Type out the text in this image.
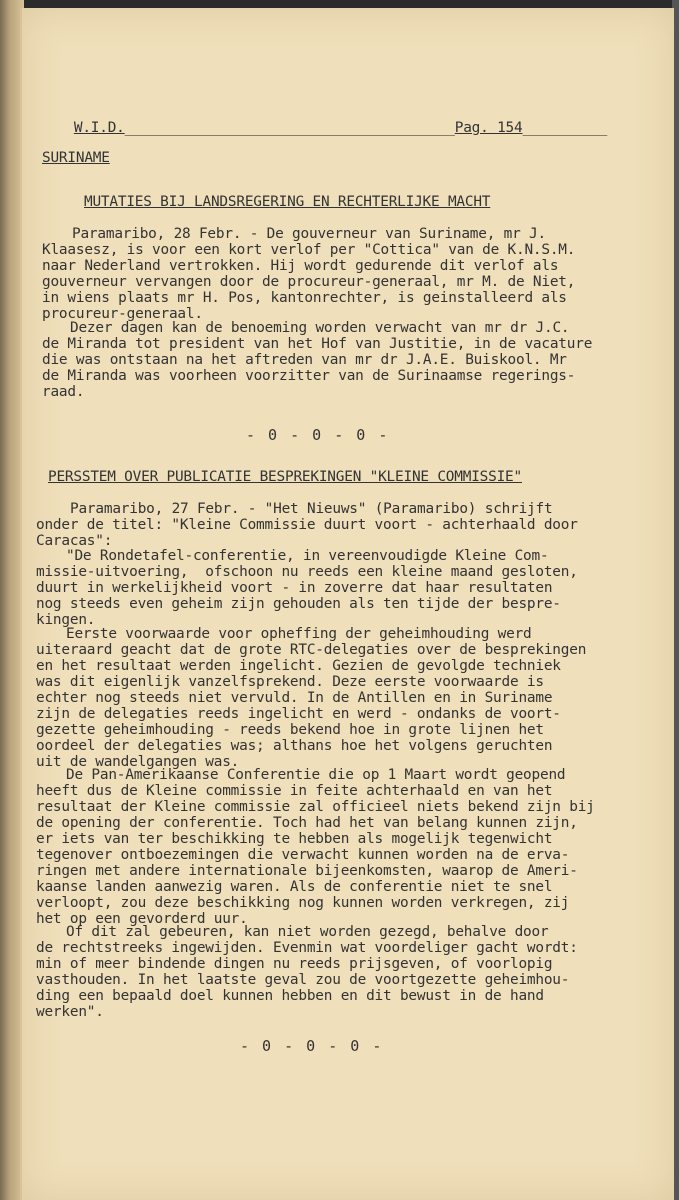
W.I.D._______________________________________Pag. 154__________

SURINAME
MUTATIES BIJ LANDSREGERING EN RECHTERLIJKE MACHT
Paramaribo, 28 Febr. - De gouverneur van Suriname, mr J.
Klaasesz, is voor een kort verlof per "Cottica" van de K.N.S.M.
naar Nederland vertrokken. Hij wordt gedurende dit verlof als
gouverneur vervangen door de procureur-generaal, mr M. de Niet,
in wiens plaats mr H. Pos, kantonrechter, is geinstalleerd als
procureur-generaal.
Dezer dagen kan de benoeming worden verwacht van mr dr J.C.
de Miranda tot president van het Hof van Justitie, in de vacature
die was ontstaan na het aftreden van mr dr J.A.E. Buiskool. Mr
de Miranda was voorheen voorzitter van de Surinaamse regerings-
raad.
- 0 - 0 - 0 -
PERSSTEM OVER PUBLICATIE BESPREKINGEN "KLEINE COMMISSIE"
Paramaribo, 27 Febr. - "Het Nieuws" (Paramaribo) schrijft
onder de titel: "Kleine Commissie duurt voort - achterhaald door
Caracas":
"De Rondetafel-conferentie, in vereenvoudigde Kleine Com-
missie-uitvoering,  ofschoon nu reeds een kleine maand gesloten,
duurt in werkelijkheid voort - in zoverre dat haar resultaten
nog steeds even geheim zijn gehouden als ten tijde der bespre-
kingen.
Eerste voorwaarde voor opheffing der geheimhouding werd
uiteraard geacht dat de grote RTC-delegaties over de besprekingen
en het resultaat werden ingelicht. Gezien de gevolgde techniek
was dit eigenlijk vanzelfsprekend. Deze eerste voorwaarde is
echter nog steeds niet vervuld. In de Antillen en in Suriname
zijn de delegaties reeds ingelicht en werd - ondanks de voort-
gezette geheimhouding - reeds bekend hoe in grote lijnen het
oordeel der delegaties was; althans hoe het volgens geruchten
uit de wandelgangen was.
De Pan-Amerikaanse Conferentie die op 1 Maart wordt geopend
heeft dus de Kleine commissie in feite achterhaald en van het
resultaat der Kleine commissie zal officieel niets bekend zijn bij
de opening der conferentie. Toch had het van belang kunnen zijn,
er iets van ter beschikking te hebben als mogelijk tegenwicht
tegenover ontboezemingen die verwacht kunnen worden na de erva-
ringen met andere internationale bijeenkomsten, waarop de Ameri-
kaanse landen aanwezig waren. Als de conferentie niet te snel
verloopt, zou deze beschikking nog kunnen worden verkregen, zij
het op een gevorderd uur.
Of dit zal gebeuren, kan niet worden gezegd, behalve door
de rechtstreeks ingewijden. Evenmin wat voordeliger gacht wordt:
min of meer bindende dingen nu reeds prijsgeven, of voorlopig
vasthouden. In het laatste geval zou de voortgezette geheimhou-
ding een bepaald doel kunnen hebben en dit bewust in de hand
werken".
- 0 - 0 - 0 -
